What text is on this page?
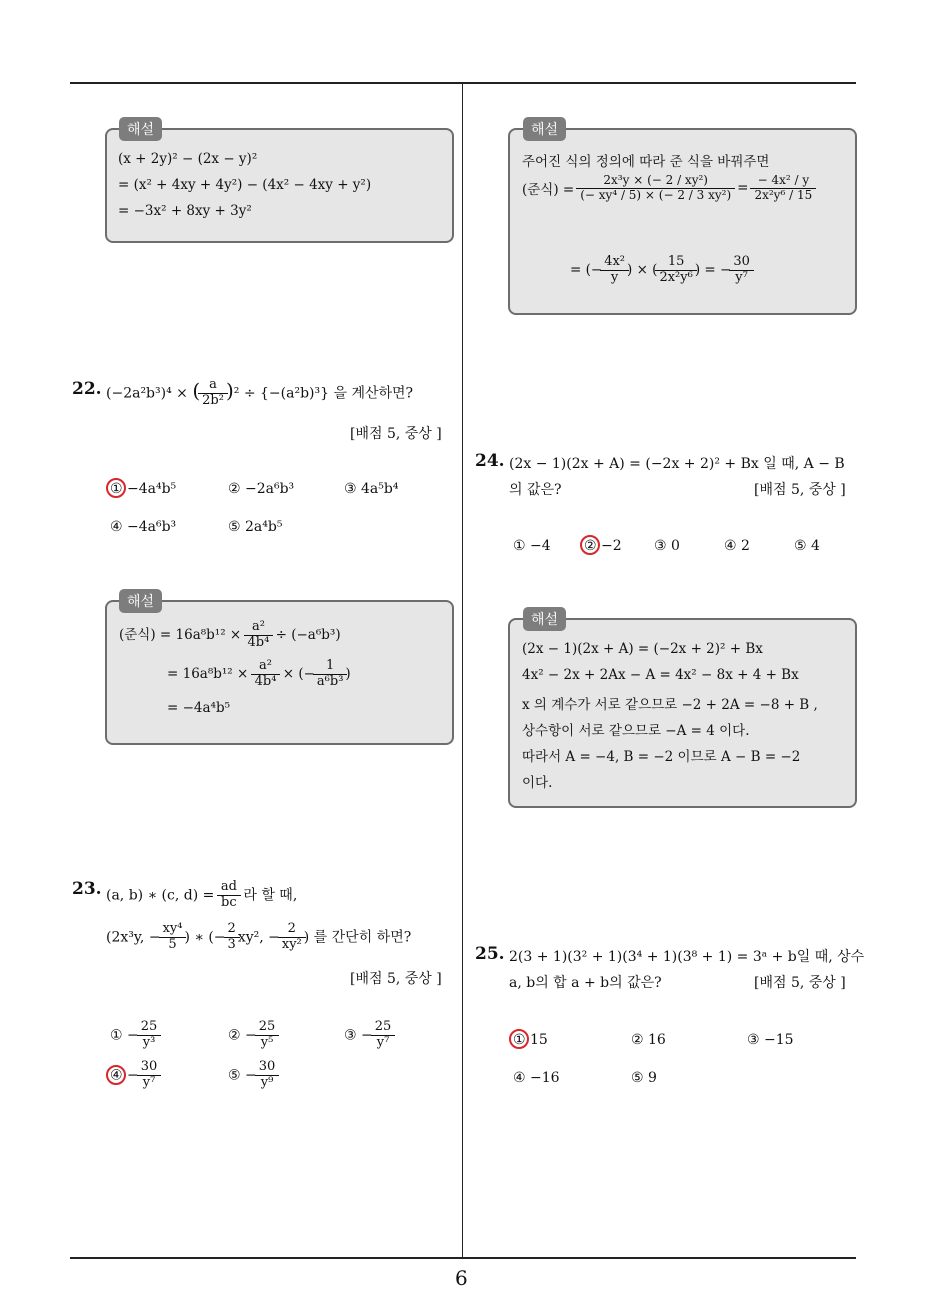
6
해설
(x + 2y)² − (2x − y)²
= (x² + 4xy + 4y²) − (4x² − 4xy + y²)
= −3x² + 8xy + 3y²
22. (−2a²b³)⁴ × ( $\frac{a}{\text{2b²}} )^2 \div \{-(a^2b)^3\}$ 을 계산하면?
[배점 5, 중상 ]
① −4a⁴b⁵	② −2a⁶b³	③ 4a⁵b⁴
④ −4a⁶b³	⑤ 2a⁴b⁵
해설
(준식) = $16a^8b^{12} \times \frac{\text{a²}}{\text{4b⁴}} \div (-a^6b^3)$
= $16a^8b^{12} \times \frac{\text{a²}}{\text{4b⁴}}$ × (− $\frac{1}{\text{a⁶b³}}$ )
= −4a⁴b⁵
23. (a, b) ∗ (c, $d) = \frac{ad}{bc}$ 라 할 때,
(2x³y, − $\frac{\text{xy⁴}}{5}$ ) ∗ (− $\frac{2}{3} xy^2$, − $\frac{2}{\text{xy²}}$ ) 를 간단히 하면?
[배점 5, 중상 ]
① − $\frac{25}{\text{y³}}$	② − $\frac{25}{\text{y⁵}}$	③ − $\frac{25}{\text{y⁷}}$
④ − $\frac{30}{\text{y⁷}}$	⑤ − $\frac{30}{\text{y⁹}}$
해설
주어진 식의 정의에 따라 준 식을 바꿔주면
(준식) = $\frac{\text{2x³y × (− 2 / xy²)}}{\text{(− xy⁴ / 5) × (− 2 / 3 xy²)}} = \frac{\text{− 4x² / y}}{\text{2x²y⁶ / 15}}$
= (− $\frac{\text{4x²}}{y}$ ) × ( $\frac{15}{\text{2x²y⁶}}$ ) = − $\frac{30}{\text{y⁷}}$
24. (2x − 1)(2x + A) = (−2x + 2)² + Bx 일 때, A − B
의 값은?	[배점 5, 중상 ]
① −4 ② −2 ③ 0	④ 2	⑤ 4
해설
(2x − 1)(2x + A) = (−2x + 2)² + Bx
4x² − 2x + 2Ax − A = 4x² − 8x + 4 + Bx
x 의 계수가 서로 같으므로 −2 + 2A = −8 + B ,
상수항이 서로 같으므로 −A = 4 이다.
따라서 A = −4, B = −2 이므로 A − B = −2
이다.
25. 2(3 + 1)(3² + 1)(3⁴ + 1)(3⁸ + 1) = 3ᵃ + b일 때, 상수
a, b의 합 a + b의 값은?	[배점 5, 중상 ]
① 15	② 16	③ −15
④ −16	⑤ 9
